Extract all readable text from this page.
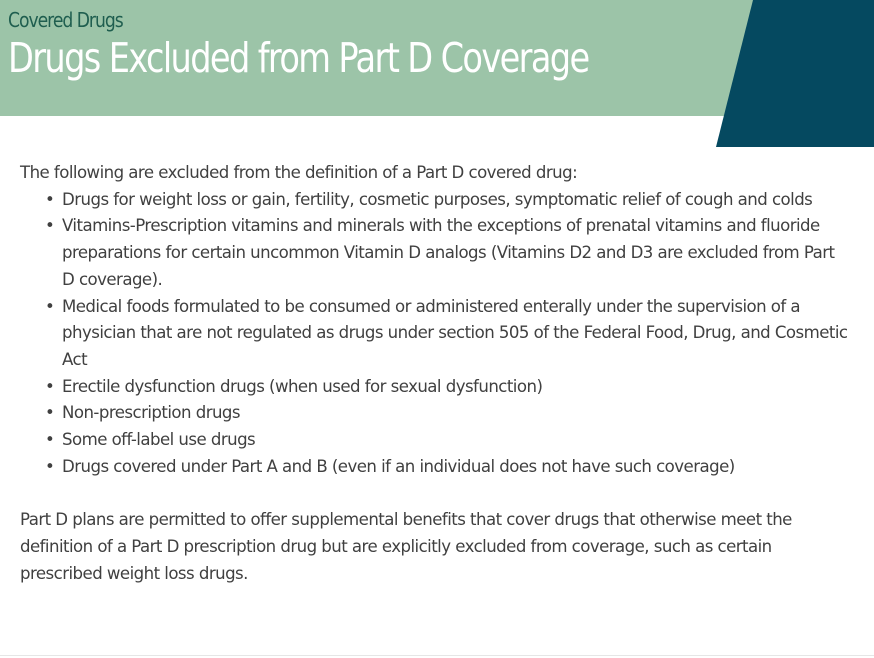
Covered Drugs
Drugs Excluded from Part D Coverage

The following are excluded from the definition of a Part D covered drug:

• Drugs for weight loss or gain, fertility, cosmetic purposes, symptomatic relief of cough and colds
• Vitamins-Prescription vitamins and minerals with the exceptions of prenatal vitamins and fluoride preparations for certain uncommon Vitamin D analogs (Vitamins D2 and D3 are excluded from Part D coverage).
• Medical foods formulated to be consumed or administered enterally under the supervision of a physician that are not regulated as drugs under section 505 of the Federal Food, Drug, and Cosmetic Act
• Erectile dysfunction drugs (when used for sexual dysfunction)
• Non-prescription drugs
• Some off-label use drugs
• Drugs covered under Part A and B (even if an individual does not have such coverage)

Part D plans are permitted to offer supplemental benefits that cover drugs that otherwise meet the definition of a Part D prescription drug but are explicitly excluded from coverage, such as certain prescribed weight loss drugs.
